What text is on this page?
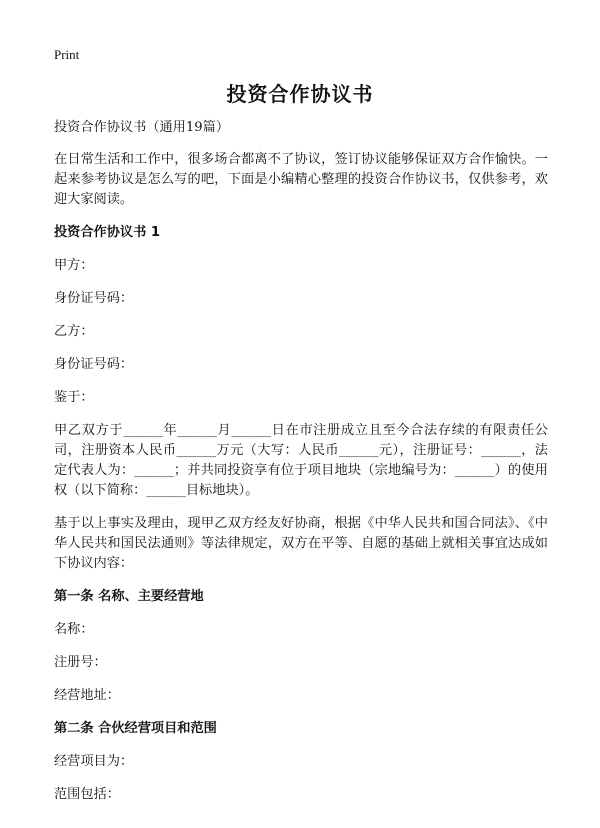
Print
投资合作协议书

投资合作协议书（通用19篇）

在日常生活和工作中，很多场合都离不了协议，签订协议能够保证双方合作愉快。一起来参考协议是怎么写的吧，下面是小编精心整理的投资合作协议书，仅供参考，欢迎大家阅读。

投资合作协议书 1

甲方：

身份证号码：

乙方：

身份证号码：

鉴于：

甲乙双方于______年______月______日在市注册成立且至今合法存续的有限责任公司，注册资本人民币______万元（大写：人民币______元），注册证号：______，法定代表人为：______；并共同投资享有位于项目地块（宗地编号为：______）的使用权（以下简称：______目标地块）。

基于以上事实及理由，现甲乙双方经友好协商，根据《中华人民共和国合同法》、《中华人民共和国民法通则》等法律规定，双方在平等、自愿的基础上就相关事宜达成如下协议内容：

第一条 名称、主要经营地

名称：

注册号：

经营地址：

第二条 合伙经营项目和范围

经营项目为：

范围包括：
